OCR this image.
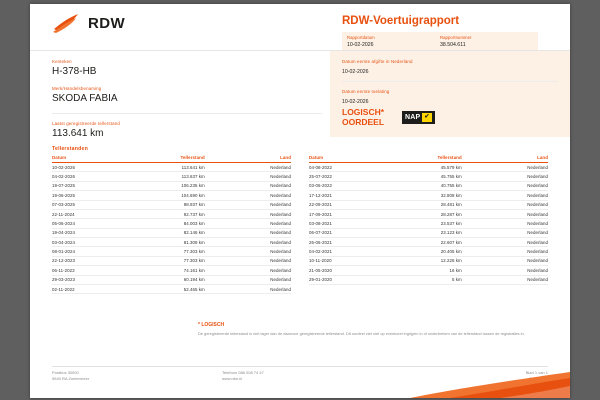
RDW	RDW-Voertuigrapport
Rapportdatum
10-02-2026
Rapportnummer
38.504.611
Kenteken
H-378-HB
Merk/Handelsbenaming
SKODA FABIA
Laatst geregistreerde tellerstand
113.641 km
Datum eerste afgifte in Nederland
10-02-2026
Datum eerste toelating
10-02-2026
LOGISCH*
OORDEEL	NAP ✔
Tellerstanden
Datum	Tellerstand	Land
10-02-2026	113.641 km	Nederland
04-02-2026	113.637 km	Nederland
19-07-2025	106.235 km	Nederland
19-06-2025	104.690 km	Nederland
07-03-2025	98.937 km	Nederland
22-11-2024	92.737 km	Nederland
05-06-2024	84.003 km	Nederland
19-04-2024	82.146 km	Nederland
03-04-2024	81.309 km	Nederland
08-01-2024	77.303 km	Nederland
22-12-2023	77.303 km	Nederland
06-11-2023	74.161 km	Nederland
29-03-2023	60.194 km	Nederland
02-11-2022	52.465 km	Nederland
Datum	Tellerstand	Land
04-08-2022	45.579 km	Nederland
25-07-2022	45.755 km	Nederland
03-06-2022	40.755 km	Nederland
17-12-2021	32.808 km	Nederland
22-09-2021	28.481 km	Nederland
17-09-2021	28.287 km	Nederland
03-08-2021	23.537 km	Nederland
06-07-2021	23.123 km	Nederland
26-06-2021	22.607 km	Nederland
04-02-2021	20.405 km	Nederland
10-11-2020	12.226 km	Nederland
21-05-2020	16 km	Nederland
29-01-2020	5 km	Nederland
* LOGISCH
De geregistreerde tellerstand is niet lager dan de daarvoor geregistreerde tellerstand. Dit oordeel ziet niet op eventueel ingrijpen in of onderbreken van de tellerstand tussen de registraties in.
Postbus 30000
9640 RA Zoetermeer
Telefoon 088 008 74 47
www.rdw.nl
Blad 1 van 1
